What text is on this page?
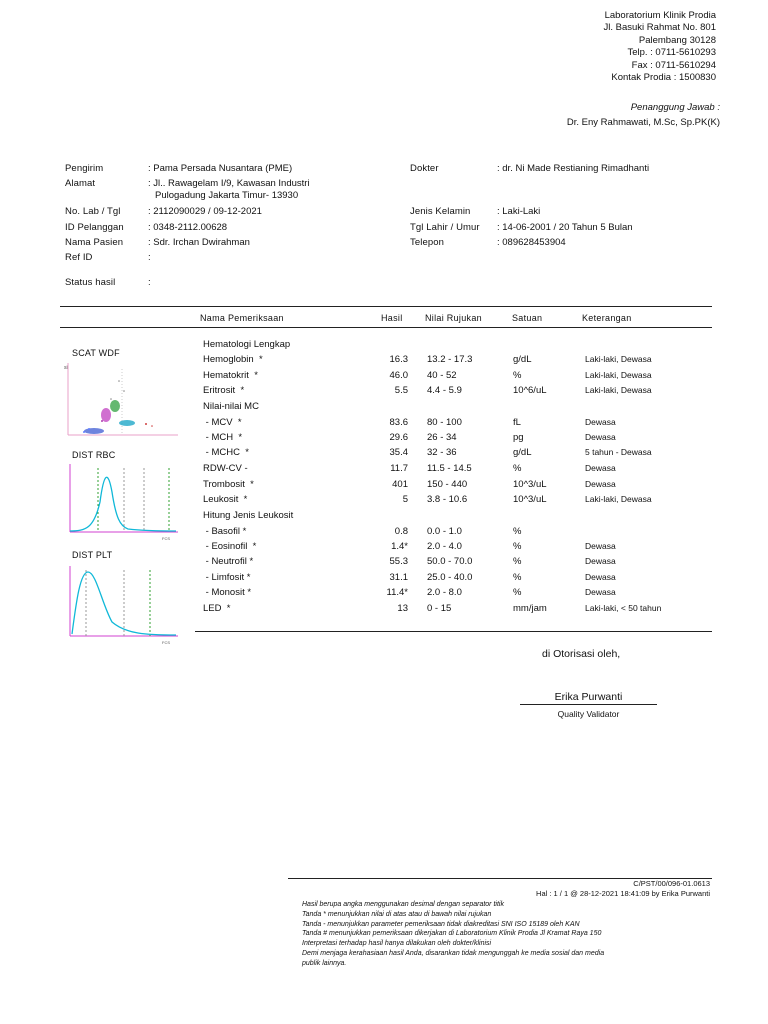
Laboratorium Klinik Prodia
Jl. Basuki Rahmat No. 801
Palembang 30128
Telp. : 0711-5610293
Fax : 0711-5610294
Kontak Prodia : 1500830
Penanggung Jawab :
Dr. Eny Rahmawati, M.Sc, Sp.PK(K)
Pengirim	: Pama Persada Nusantara (PME)
Alamat	: Jl.. Rawagelam I/9, Kawasan Industri
Pulogadung Jakarta Timur- 13930
No. Lab / Tgl	: 2112090029 / 09-12-2021
ID Pelanggan	: 0348-2112.00628
Nama Pasien	: Sdr. Irchan Dwirahman
Ref ID	:
Status hasil	:
Dokter	: dr. Ni Made Restianing Rimadhanti
Jenis Kelamin	: Laki-Laki
Tgl Lahir / Umur : 14-06-2001 / 20 Tahun 5 Bulan
Telepon	: 089628453904
Nama Pemeriksaan	Hasil Nilai Rujukan	Satuan	Keterangan
Hematologi Lengkap
Hemoglobin  *	16.3 13.2 - 17.3	g/dL	Laki-laki, Dewasa
Hematokrit  *	46.0 40 - 52	%	Laki-laki, Dewasa
Eritrosit  *	5.5 4.4 - 5.9	10^6/uL	Laki-laki, Dewasa
Nilai-nilai MC
- MCV  *	83.6 80 - 100	fL	Dewasa
- MCH  *	29.6 26 - 34	pg	Dewasa
- MCHC  *	35.4 32 - 36	g/dL	5 tahun - Dewasa
RDW-CV -	11.7 11.5 - 14.5	%	Dewasa
Trombosit  *	401 150 - 440	10^3/uL	Dewasa
Leukosit  *	5 3.8 - 10.6	10^3/uL	Laki-laki, Dewasa
Hitung Jenis Leukosit
- Basofil *	0.8 0.0 - 1.0	%
- Eosinofil  *	1.4* 2.0 - 4.0	%	Dewasa
- Neutrofil *	55.3 50.0 - 70.0	%	Dewasa
- Limfosit *	31.1 25.0 - 40.0	%	Dewasa
- Monosit *	11.4* 2.0 - 8.0	%	Dewasa
LED  *	13 0 - 15	mm/jam	Laki-laki, < 50 tahun
SCAT WDF
si
DIST RBC
FCS
DIST PLT
FCS
di Otorisasi oleh,
Erika Purwanti
Quality Validator
C/PST/00/096-01.0613
Hal : 1 / 1 @ 28-12-2021 18:41:09 by Erika Purwanti
Hasil berupa angka menggunakan desimal dengan separator titik
Tanda * menunjukkan nilai di atas atau di bawah nilai rujukan
Tanda - menunjukkan parameter pemeriksaan tidak diakreditasi SNI ISO 15189 oleh KAN
Tanda # menunjukkan pemeriksaan dikerjakan di Laboratorium Klinik Prodia Jl Kramat Raya 150
Interpretasi terhadap hasil hanya dilakukan oleh dokter/klinisi
Demi menjaga kerahasiaan hasil Anda, disarankan tidak mengunggah ke media sosial dan media
publik lainnya.
